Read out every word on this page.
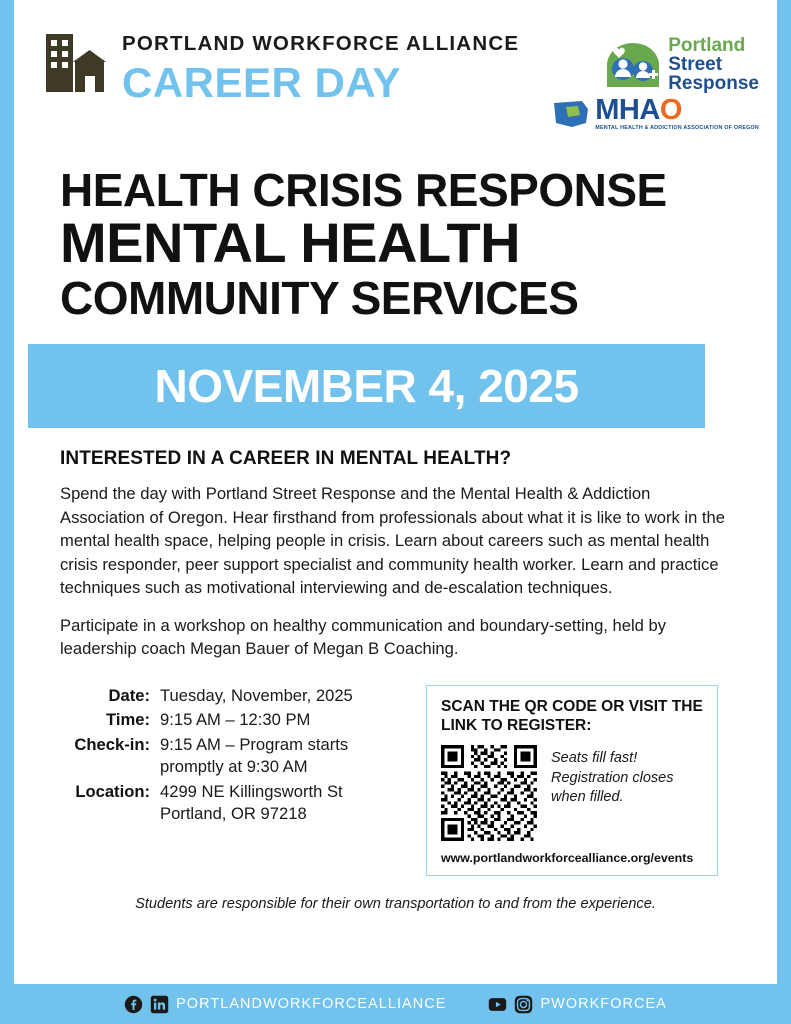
PORTLAND WORKFORCE ALLIANCE
CAREER DAY
Portland
Street
Response
MHAO
MENTAL HEALTH & ADDICTION ASSOCIATION OF OREGON
HEALTH CRISIS RESPONSE
MENTAL HEALTH
COMMUNITY SERVICES
NOVEMBER 4, 2025
INTERESTED IN A CAREER IN MENTAL HEALTH?
Spend the day with Portland Street Response and the Mental Health & Addiction Association of Oregon. Hear firsthand from professionals about what it is like to work in the mental health space, helping people in crisis. Learn about careers such as mental health crisis responder, peer support specialist and community health worker. Learn and practice techniques such as motivational interviewing and de-escalation techniques.
Participate in a workshop on healthy communication and boundary-setting, held by leadership coach Megan Bauer of Megan B Coaching.
Date: Tuesday, November, 2025
Time: 9:15 AM – 12:30 PM
Check-in: 9:15 AM – Program starts
promptly at 9:30 AM
Location: 4299 NE Killingsworth St
Portland, OR 97218
SCAN THE QR CODE OR VISIT THE LINK TO REGISTER:
Seats fill fast! Registration closes when filled.
www.portlandworkforcealliance.org/events
Students are responsible for their own transportation to and from the experience.
PORTLANDWORKFORCEALLIANCE	PWORKFORCEA
